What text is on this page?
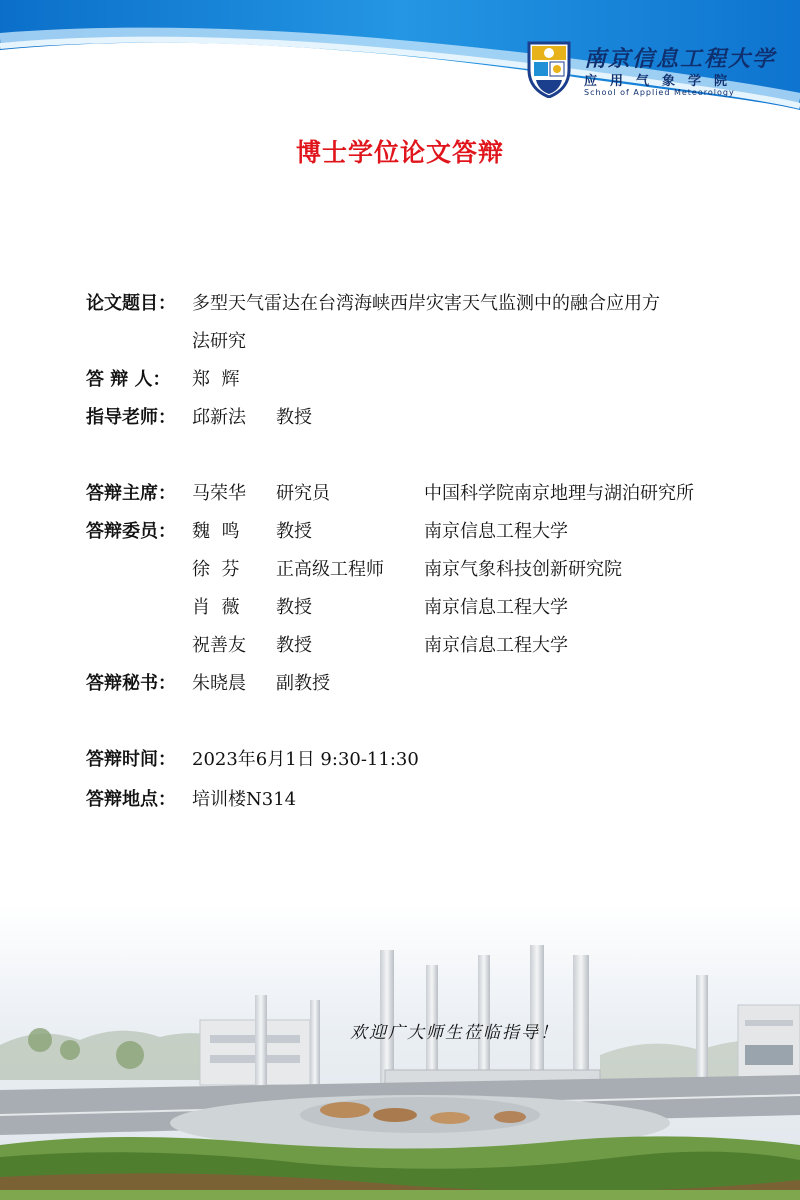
南京信息工程大学
应用气象学院
School of Applied Meteorology
博士学位论文答辩
论文题目： 多型天气雷达在台湾海峡西岸灾害天气监测中的融合应用方
法研究
答 辩 人： 郑  辉
指导老师： 邱新法 教授
答辩主席： 马荣华 研究员	中国科学院南京地理与湖泊研究所
答辩委员： 魏  鸣 教授	南京信息工程大学
徐  芬 正高级工程师 南京气象科技创新研究院
肖  薇 教授	南京信息工程大学
祝善友 教授	南京信息工程大学
答辩秘书： 朱晓晨 副教授
答辩时间： 2023年6月1日 9:30-11:30
答辩地点： 培训楼N314
欢迎广大师生莅临指导！
